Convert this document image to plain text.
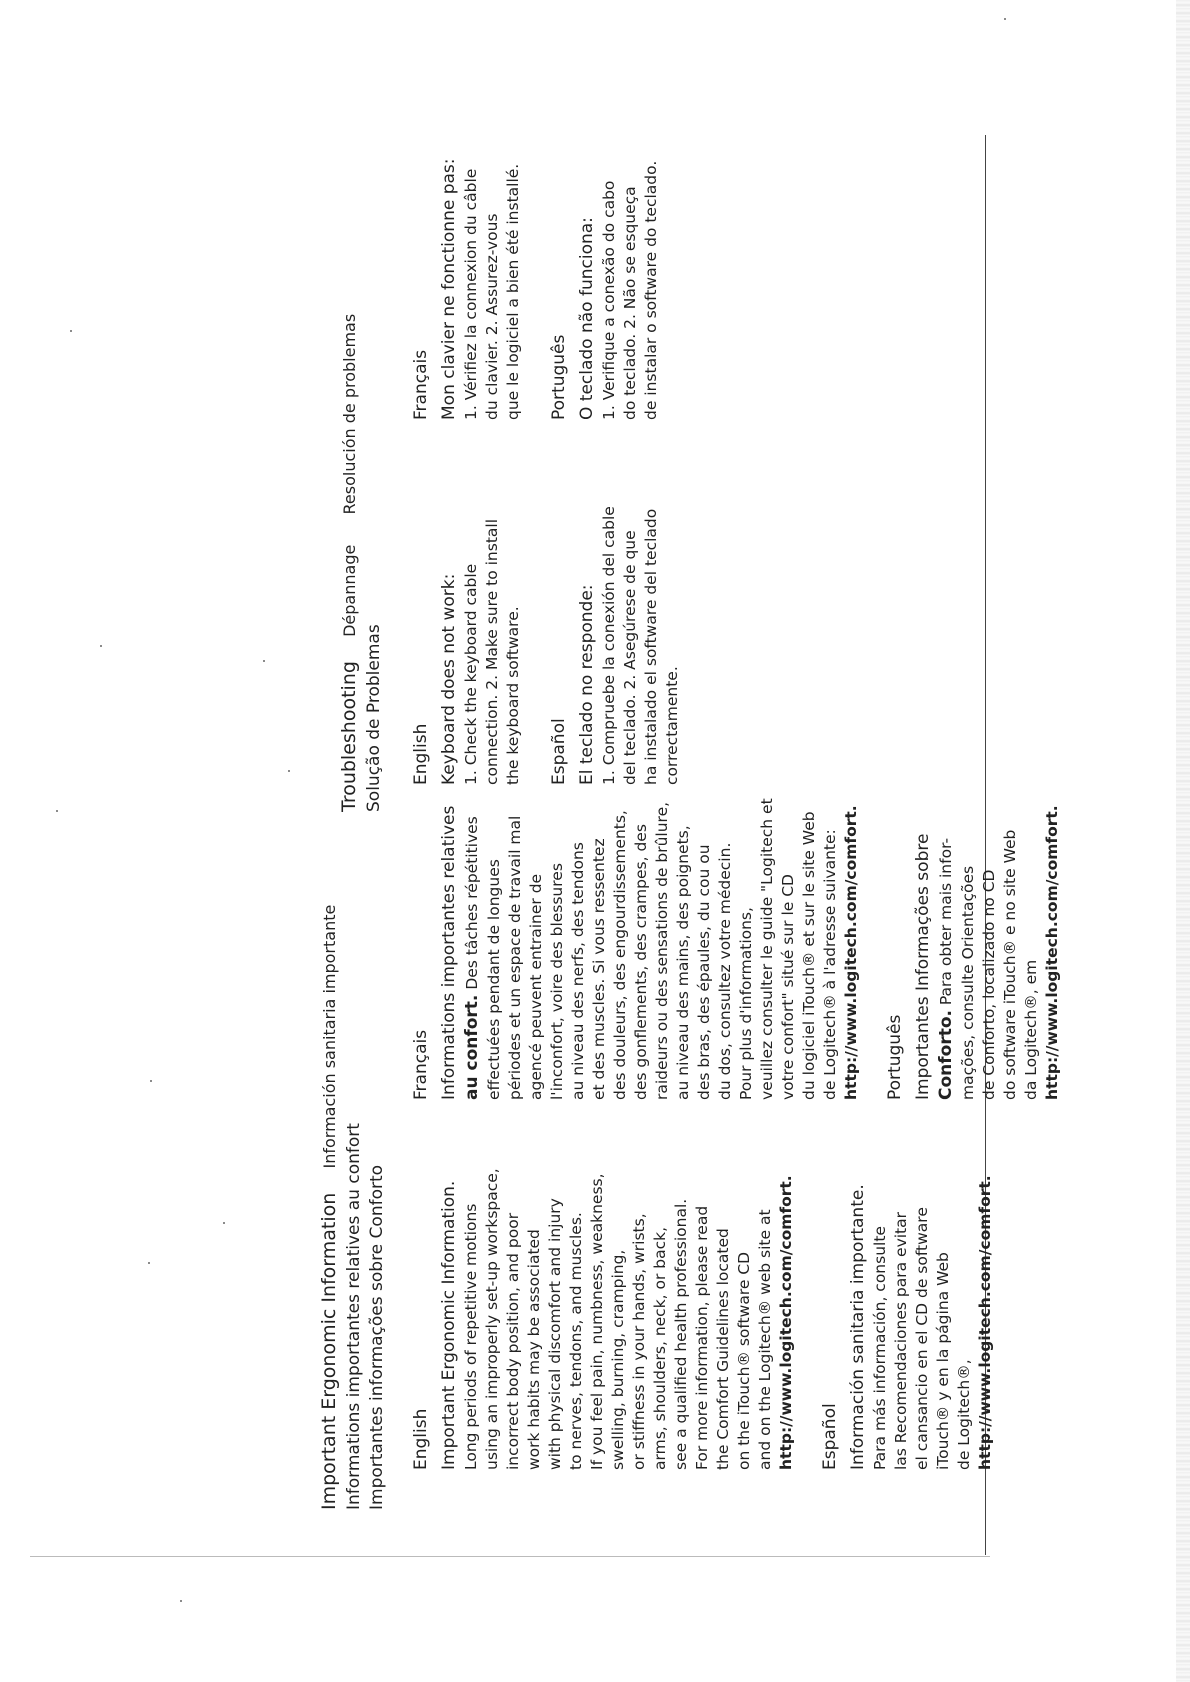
Important Ergonomic Information    Información sanitaria importante
Informations importantes relatives au confort Importantes informações sobre Conforto English Important Ergonomic Information. Long periods of repetitive motions using an improperly set-up workspace, incorrect body position, and poor work habits may be associated with physical discomfort and injury to nerves, tendons, and muscles. If you feel pain, numbness, weakness, swelling, burning, cramping, or stiffness in your hands, wrists, arms, shoulders, neck, or back, see a qualified health professional. For more information, please read the Comfort Guidelines located on the iTouch® software CD and on the Logitech® web site at http://www.logitech.com/comfort. Español Información sanitaria importante. Para más información, consulte las Recomendaciones para evitar el cansancio en el CD de software iTouch® y en la página Web de Logitech®, http://www.logitech.com/comfort.
Français Informations importantes relatives au confort. Des tâches répétitives effectuées pendant de longues périodes et un espace de travail mal agencé peuvent entrainer de l'inconfort, voire des blessures au niveau des nerfs, des tendons et des muscles. Si vous ressentez des douleurs, des engourdissements, des gonflements, des crampes, des raideurs ou des sensations de brûlure, au niveau des mains, des poignets, des bras, des épaules, du cou ou du dos, consultez votre médecin. Pour plus d'informations, veuillez consulter le guide "Logitech et votre confort" situé sur le CD du logiciel iTouch® et sur le site Web de Logitech® à l'adresse suivante: http://www.logitech.com/comfort. Português Importantes Informações sobre Conforto. Para obter mais infor- mações, consulte Orientações de Conforto, localizado no CD do software iTouch® e no site Web da Logitech®, em http://www.logitech.com/comfort.
Troubleshooting    Dépannage     Resolución de problemas
Solução de Problemas English Keyboard does not work: 1. Check the keyboard cable connection. 2. Make sure to install the keyboard software. Español El teclado no responde: 1. Compruebe la conexión del cable del teclado. 2. Asegúrese de que ha instalado el software del teclado correctamente.
Français Mon clavier ne fonctionne pas: 1. Vérifiez la connexion du câble du clavier. 2. Assurez-vous que le logiciel a bien été installé. Português O teclado não funciona: 1. Verifique a conexão do cabo do teclado. 2. Não se esqueça de instalar o software do teclado.
